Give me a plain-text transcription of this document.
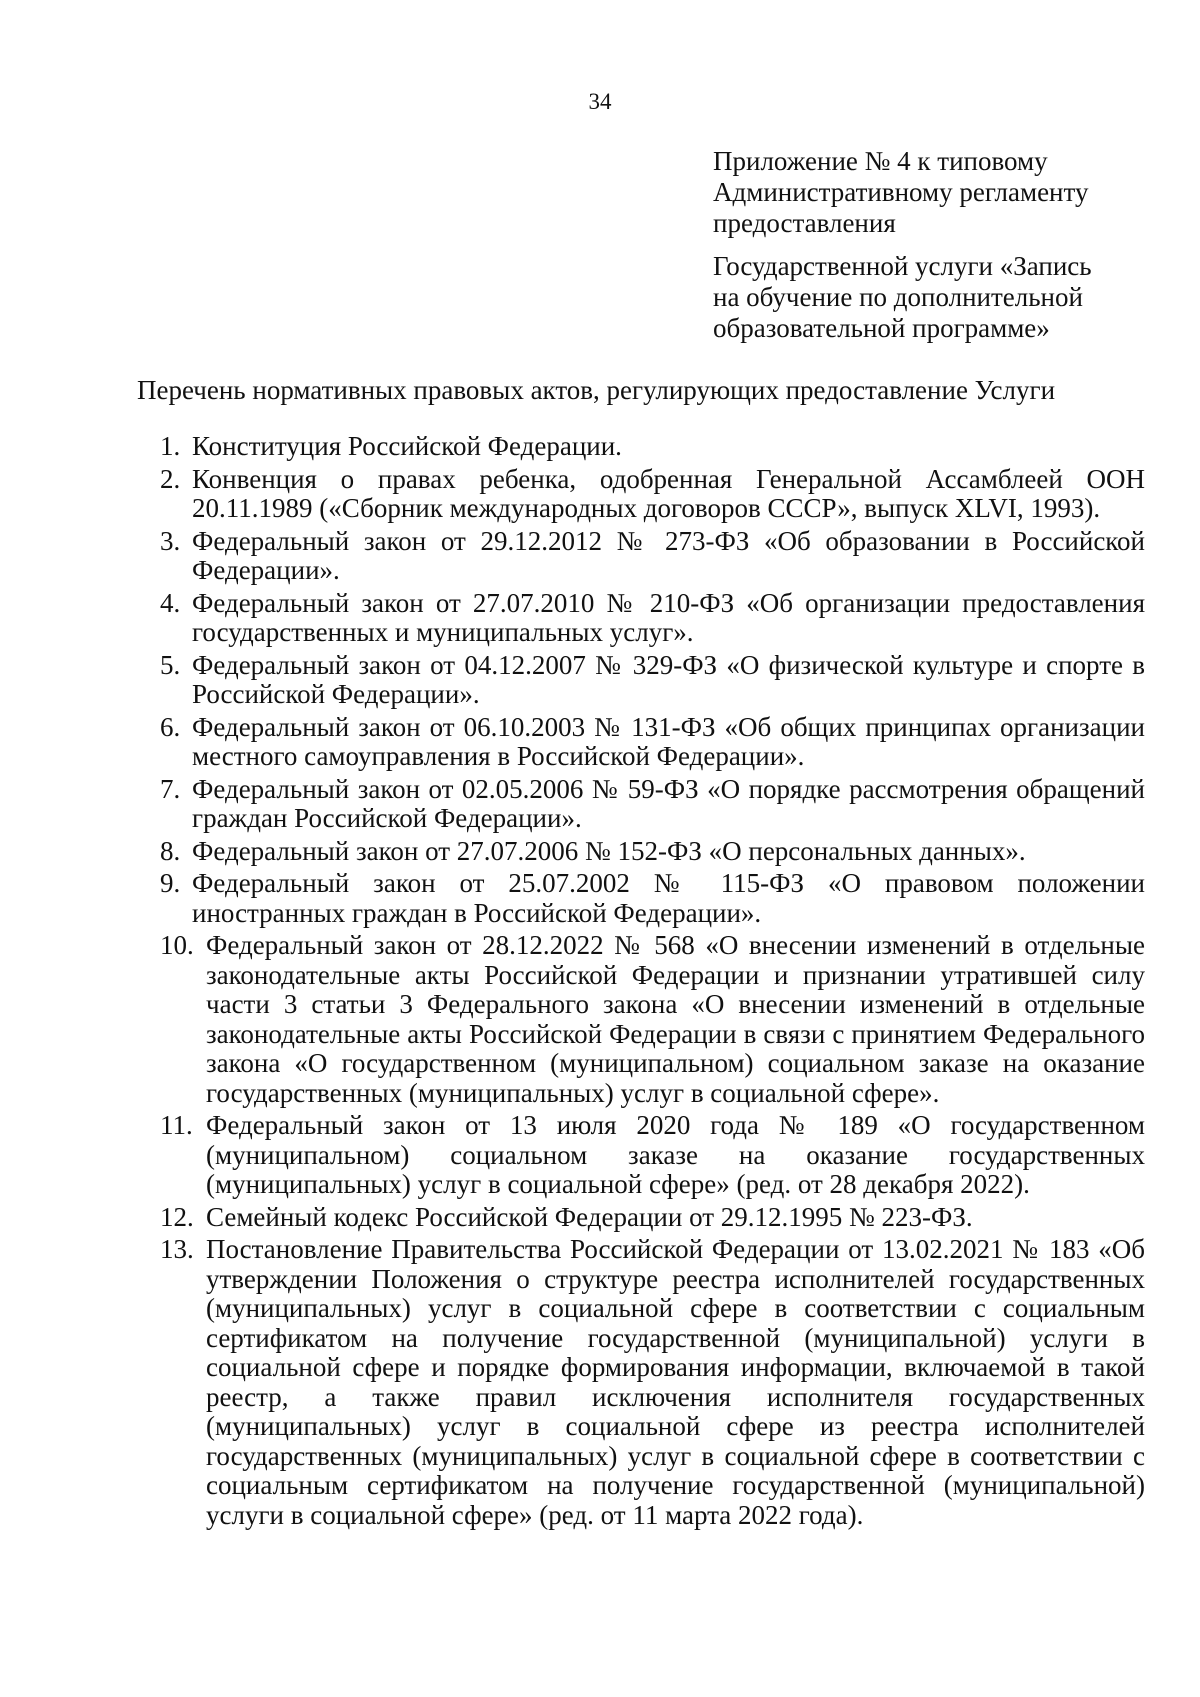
34
Приложение № 4 к типовому
Административному регламенту
предоставления
Государственной услуги «Запись
на обучение по дополнительной
образовательной программе»
Перечень нормативных правовых актов, регулирующих предоставление Услуги
1. Конституция Российской Федерации.
2. Конвенция о правах ребенка, одобренная Генеральной Ассамблеей ООН 20.11.1989 («Сборник международных договоров СССР», выпуск XLVI, 1993).
3. Федеральный закон от 29.12.2012 № 273-ФЗ «Об образовании в Российской Федерации».
4. Федеральный закон от 27.07.2010 № 210-ФЗ «Об организации предоставления государственных и муниципальных услуг».
5. Федеральный закон от 04.12.2007 № 329-ФЗ «О физической культуре и спорте в Российской Федерации».
6. Федеральный закон от 06.10.2003 № 131-ФЗ «Об общих принципах организации местного самоуправления в Российской Федерации».
7. Федеральный закон от 02.05.2006 № 59-ФЗ «О порядке рассмотрения обращений граждан Российской Федерации».
8. Федеральный закон от 27.07.2006 № 152-ФЗ «О персональных данных».
9. Федеральный закон от 25.07.2002 № 115-ФЗ «О правовом положении иностранных граждан в Российской Федерации».
10. Федеральный закон от 28.12.2022 № 568 «О внесении изменений в отдельные законодательные акты Российской Федерации и признании утратившей силу части 3 статьи 3 Федерального закона «О внесении изменений в отдельные законодательные акты Российской Федерации в связи с принятием Федерального закона «О государственном (муниципальном) социальном заказе на оказание государственных (муниципальных) услуг в социальной сфере».
11. Федеральный закон от 13 июля 2020 года № 189 «О государственном (муниципальном) социальном заказе на оказание государственных (муниципальных) услуг в социальной сфере» (ред. от 28 декабря 2022).
12. Семейный кодекс Российской Федерации от 29.12.1995 № 223-ФЗ.
13. Постановление Правительства Российской Федерации от 13.02.2021 № 183 «Об утверждении Положения о структуре реестра исполнителей государственных (муниципальных) услуг в социальной сфере в соответствии с социальным сертификатом на получение государственной (муниципальной) услуги в социальной сфере и порядке формирования информации, включаемой в такой реестр, а также правил исключения исполнителя государственных (муниципальных) услуг в социальной сфере из реестра исполнителей государственных (муниципальных) услуг в социальной сфере в соответствии с социальным сертификатом на получение государственной (муниципальной) услуги в социальной сфере» (ред. от 11 марта 2022 года).
